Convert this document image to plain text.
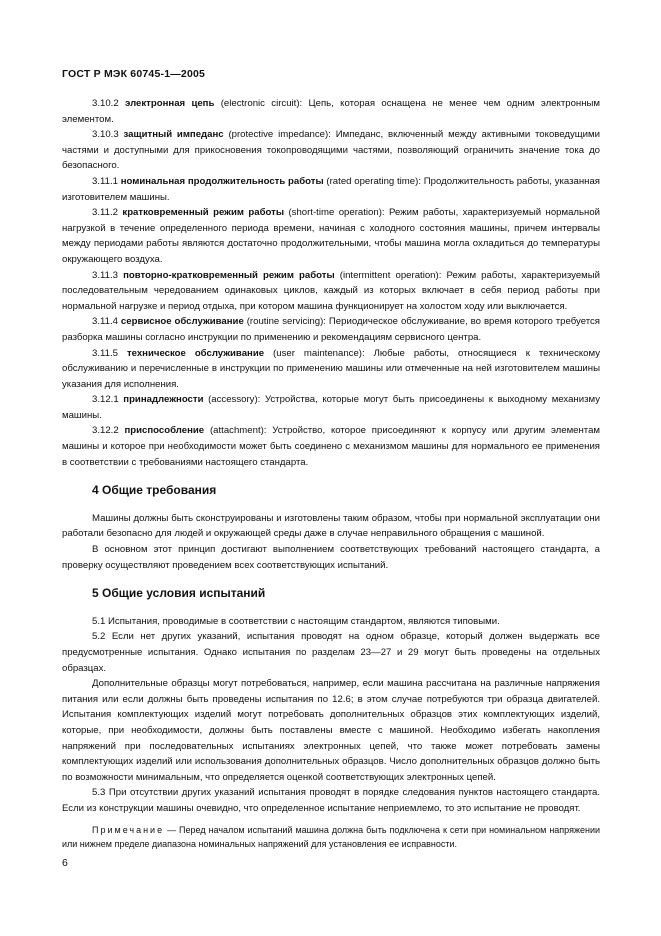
ГОСТ Р МЭК 60745-1—2005

3.10.2 электронная цепь (electronic circuit): Цепь, которая оснащена не менее чем одним электронным элементом.

3.10.3 защитный импеданс (protective impedance): Импеданс, включенный между активными токоведущими частями и доступными для прикосновения токопроводящими частями, позволяющий ограничить значение тока до безопасного.

3.11.1 номинальная продолжительность работы (rated operating time): Продолжительность работы, указанная изготовителем машины.

3.11.2 кратковременный режим работы (short-time operation): Режим работы, характеризуемый нормальной нагрузкой в течение определенного периода времени, начиная с холодного состояния машины, причем интервалы между периодами работы являются достаточно продолжительными, чтобы машина могла охладиться до температуры окружающего воздуха.

3.11.3 повторно-кратковременный режим работы (intermittent operation): Режим работы, характеризуемый последовательным чередованием одинаковых циклов, каждый из которых включает в себя период работы при нормальной нагрузке и период отдыха, при котором машина функционирует на холостом ходу или выключается.

3.11.4 сервисное обслуживание (routine servicing): Периодическое обслуживание, во время которого требуется разборка машины согласно инструкции по применению и рекомендациям сервисного центра.

3.11.5 техническое обслуживание (user maintenance): Любые работы, относящиеся к техническому обслуживанию и перечисленные в инструкции по применению машины или отмеченные на ней изготовителем машины указания для исполнения.

3.12.1 принадлежности (accessory): Устройства, которые могут быть присоединены к выходному механизму машины.

3.12.2 приспособление (attachment): Устройство, которое присоединяют к корпусу или другим элементам машины и которое при необходимости может быть соединено с механизмом машины для нормального ее применения в соответствии с требованиями настоящего стандарта.

4 Общие требования

Машины должны быть сконструированы и изготовлены таким образом, чтобы при нормальной эксплуатации они работали безопасно для людей и окружающей среды даже в случае неправильного обращения с машиной.

В основном этот принцип достигают выполнением соответствующих требований настоящего стандарта, а проверку осуществляют проведением всех соответствующих испытаний.

5 Общие условия испытаний

5.1 Испытания, проводимые в соответствии с настоящим стандартом, являются типовыми.

5.2 Если нет других указаний, испытания проводят на одном образце, который должен выдержать все предусмотренные испытания. Однако испытания по разделам 23—27 и 29 могут быть проведены на отдельных образцах.

Дополнительные образцы могут потребоваться, например, если машина рассчитана на различные напряжения питания или если должны быть проведены испытания по 12.6; в этом случае потребуются три образца двигателей. Испытания комплектующих изделий могут потребовать дополнительных образцов этих комплектующих изделий, которые, при необходимости, должны быть поставлены вместе с машиной. Необходимо избегать накопления напряжений при последовательных испытаниях электронных цепей, что также может потребовать замены комплектующих изделий или использования дополнительных образцов. Число дополнительных образцов должно быть по возможности минимальным, что определяется оценкой соответствующих электронных цепей.

5.3 При отсутствии других указаний испытания проводят в порядке следования пунктов настоящего стандарта. Если из конструкции машины очевидно, что определенное испытание неприемлемо, то это испытание не проводят.

Примечание — Перед началом испытаний машина должна быть подключена к сети при номинальном напряжении или нижнем пределе диапазона номинальных напряжений для установления ее исправности.
6
